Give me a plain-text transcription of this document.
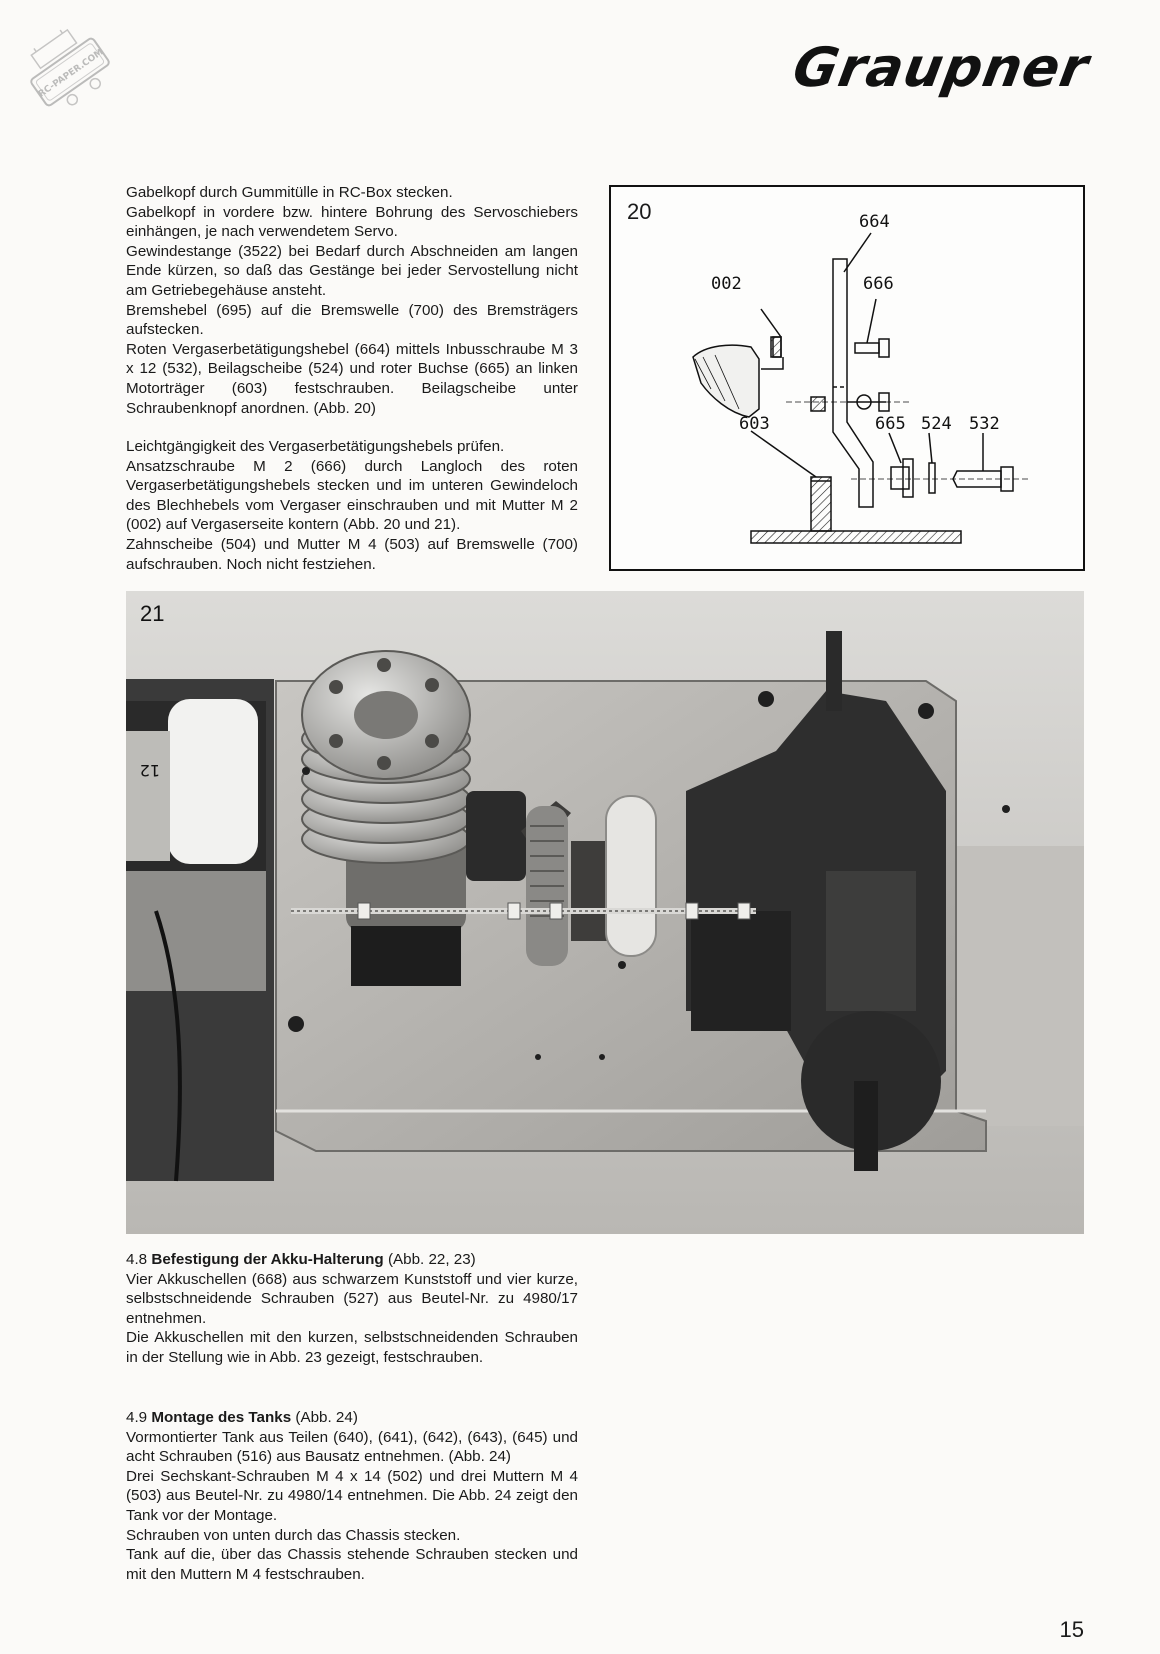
RC-PAPER.COM	Graupner

Gabelkopf durch Gummitülle in RC-Box stecken.

Gabelkopf in vordere bzw. hintere Bohrung des Servoschiebers einhängen, je nach verwendetem Servo.

Gewindestange (3522) bei Bedarf durch Abschneiden am langen Ende kürzen, so daß das Gestänge bei jeder Servostellung nicht am Getriebegehäuse ansteht.

Bremshebel (695) auf die Bremswelle (700) des Bremsträgers aufstecken.

Roten Vergaserbetätigungshebel (664) mittels Inbusschraube M 3 x 12 (532), Beilagscheibe (524) und roter Buchse (665) an linken Motorträger (603) festschrauben. Beilagscheibe unter Schraubenknopf anordnen. (Abb. 20)

Leichtgängigkeit des Vergaserbetätigungshebels prüfen.

Ansatzschraube M 2 (666) durch Langloch des roten Vergaserbetätigungshebels stecken und im unteren Gewindeloch des Blechhebels vom Vergaser einschrauben und mit Mutter M 2 (002) auf Vergaserseite kontern (Abb. 20 und 21).

Zahnscheibe (504) und Mutter M 4 (503) auf Bremswelle (700) aufschrauben. Noch nicht festziehen.

20	664
002	666
603	665 524 532
21
12

4.8 Befestigung der Akku-Halterung (Abb. 22, 23)

Vier Akkuschellen (668) aus schwarzem Kunststoff und vier kurze, selbstschneidende Schrauben (527) aus Beutel-Nr. zu 4980/17 entnehmen.

Die Akkuschellen mit den kurzen, selbstschneidenden Schrauben in der Stellung wie in Abb. 23 gezeigt, festschrauben.

4.9 Montage des Tanks (Abb. 24)

Vormontierter Tank aus Teilen (640), (641), (642), (643), (645) und acht Schrauben (516) aus Bausatz entnehmen. (Abb. 24)

Drei Sechskant-Schrauben M 4 x 14 (502) und drei Muttern M 4 (503) aus Beutel-Nr. zu 4980/14 entnehmen. Die Abb. 24 zeigt den Tank vor der Montage.

Schrauben von unten durch das Chassis stecken.

Tank auf die, über das Chassis stehende Schrauben stecken und mit den Muttern M 4 festschrauben.

15
